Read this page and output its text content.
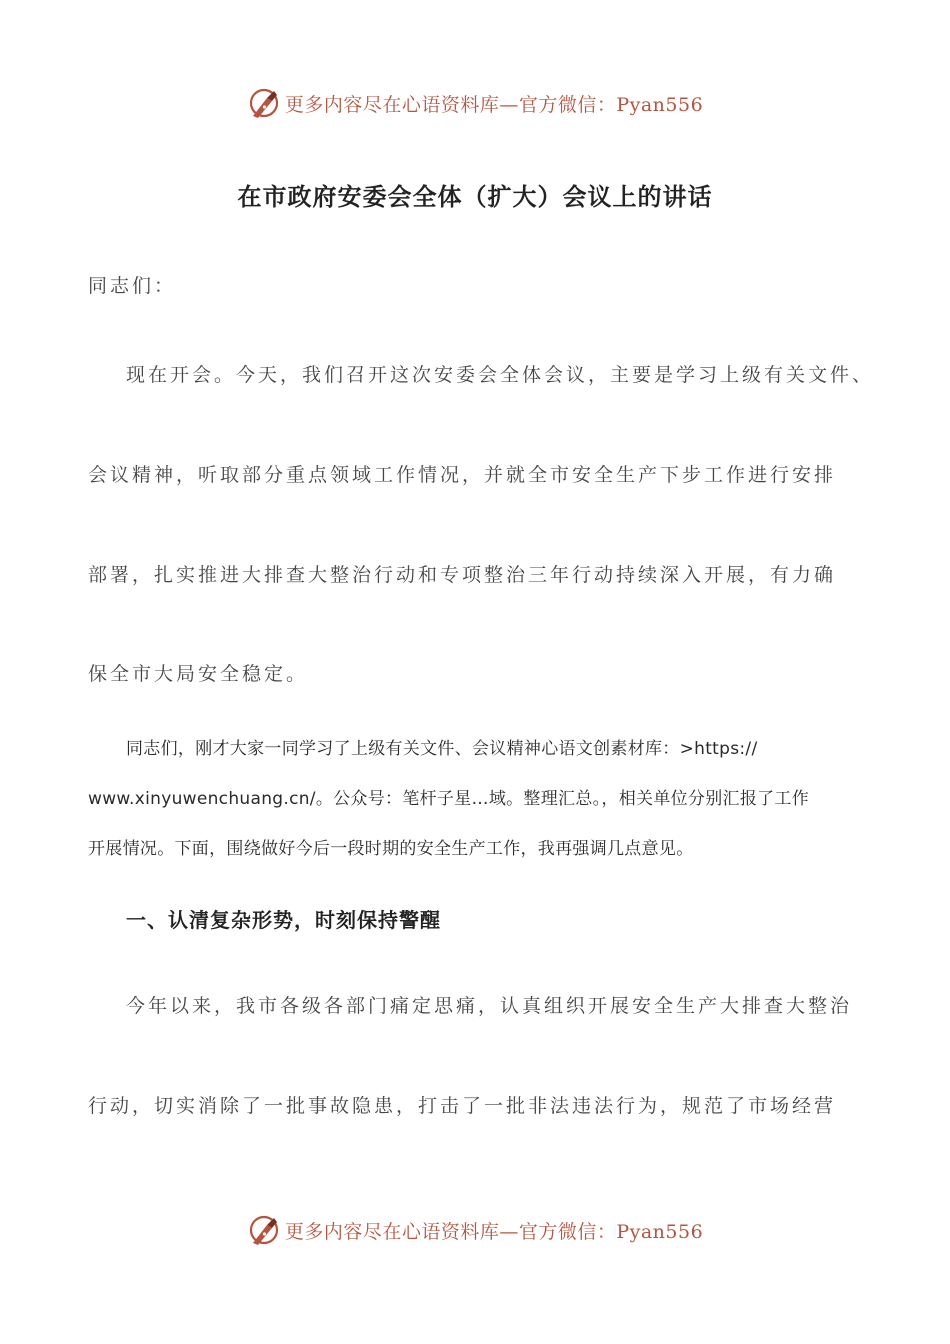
更多内容尽在心语资料库—官方微信：Pyan556
在市政府安委会全体（扩大）会议上的讲话
同志们：
现在开会。今天，我们召开这次安委会全体会议，主要是学习上级有关文件、
会议精神，听取部分重点领域工作情况，并就全市安全生产下步工作进行安排
部署，扎实推进大排查大整治行动和专项整治三年行动持续深入开展，有力确
保全市大局安全稳定。
同志们，刚才大家一同学习了上级有关文件、会议精神心语文创素材库：>https://
www.xinyuwenchuang.cn/。公众号：笔杆子星…域。整理汇总。，相关单位分别汇报了工作
开展情况。下面，围绕做好今后一段时期的安全生产工作，我再强调几点意见。
一、认清复杂形势，时刻保持警醒
今年以来，我市各级各部门痛定思痛，认真组织开展安全生产大排查大整治
行动，切实消除了一批事故隐患，打击了一批非法违法行为，规范了市场经营
更多内容尽在心语资料库—官方微信：Pyan556
